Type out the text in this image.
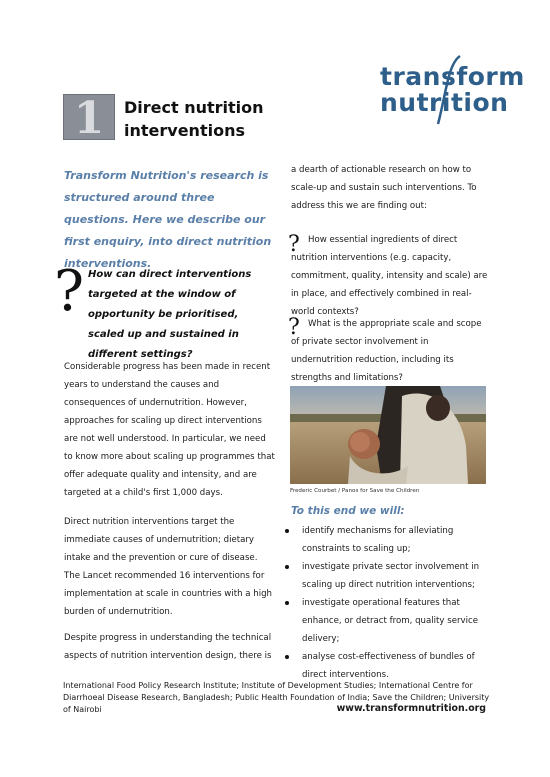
1	Direct nutrition
interventions
transform
nutrition
Transform Nutrition's research is structured around three questions. Here we describe our first enquiry, into direct nutrition interventions.
? How can direct interventions targeted at the window of opportunity be prioritised, scaled up and sustained in different settings?
Considerable progress has been made in recent years to understand the causes and consequences of undernutrition. However, approaches for scaling up direct interventions are not well understood. In particular, we need to know more about scaling up programmes that offer adequate quality and intensity, and are targeted at a child's first 1,000 days.
Direct nutrition interventions target the immediate causes of undernutrition; dietary intake and the prevention or cure of disease. The Lancet recommended 16 interventions for implementation at scale in countries with a high burden of undernutrition.
Despite progress in understanding the technical aspects of nutrition intervention design, there is
a dearth of actionable research on how to scale-up and sustain such interventions. To address this we are finding out:
? How essential ingredients of direct nutrition interventions (e.g. capacity, commitment, quality, intensity and scale) are in place, and effectively combined in real-world contexts?
? What is the appropriate scale and scope of private sector involvement in undernutrition reduction, including its strengths and limitations?
Frederic Courbet / Panos for Save the Children
To this end we will:
identify mechanisms for alleviating constraints to scaling up;
investigate private sector involvement in scaling up direct nutrition interventions;
investigate operational features that enhance, or detract from, quality service delivery;
analyse cost-effectiveness of bundles of direct interventions.
International Food Policy Research Institute; Institute of Development Studies; International Centre for Diarrhoeal Disease Research, Bangladesh; Public Health Foundation of India; Save the Children; University of Nairobi	www.transformnutrition.org
